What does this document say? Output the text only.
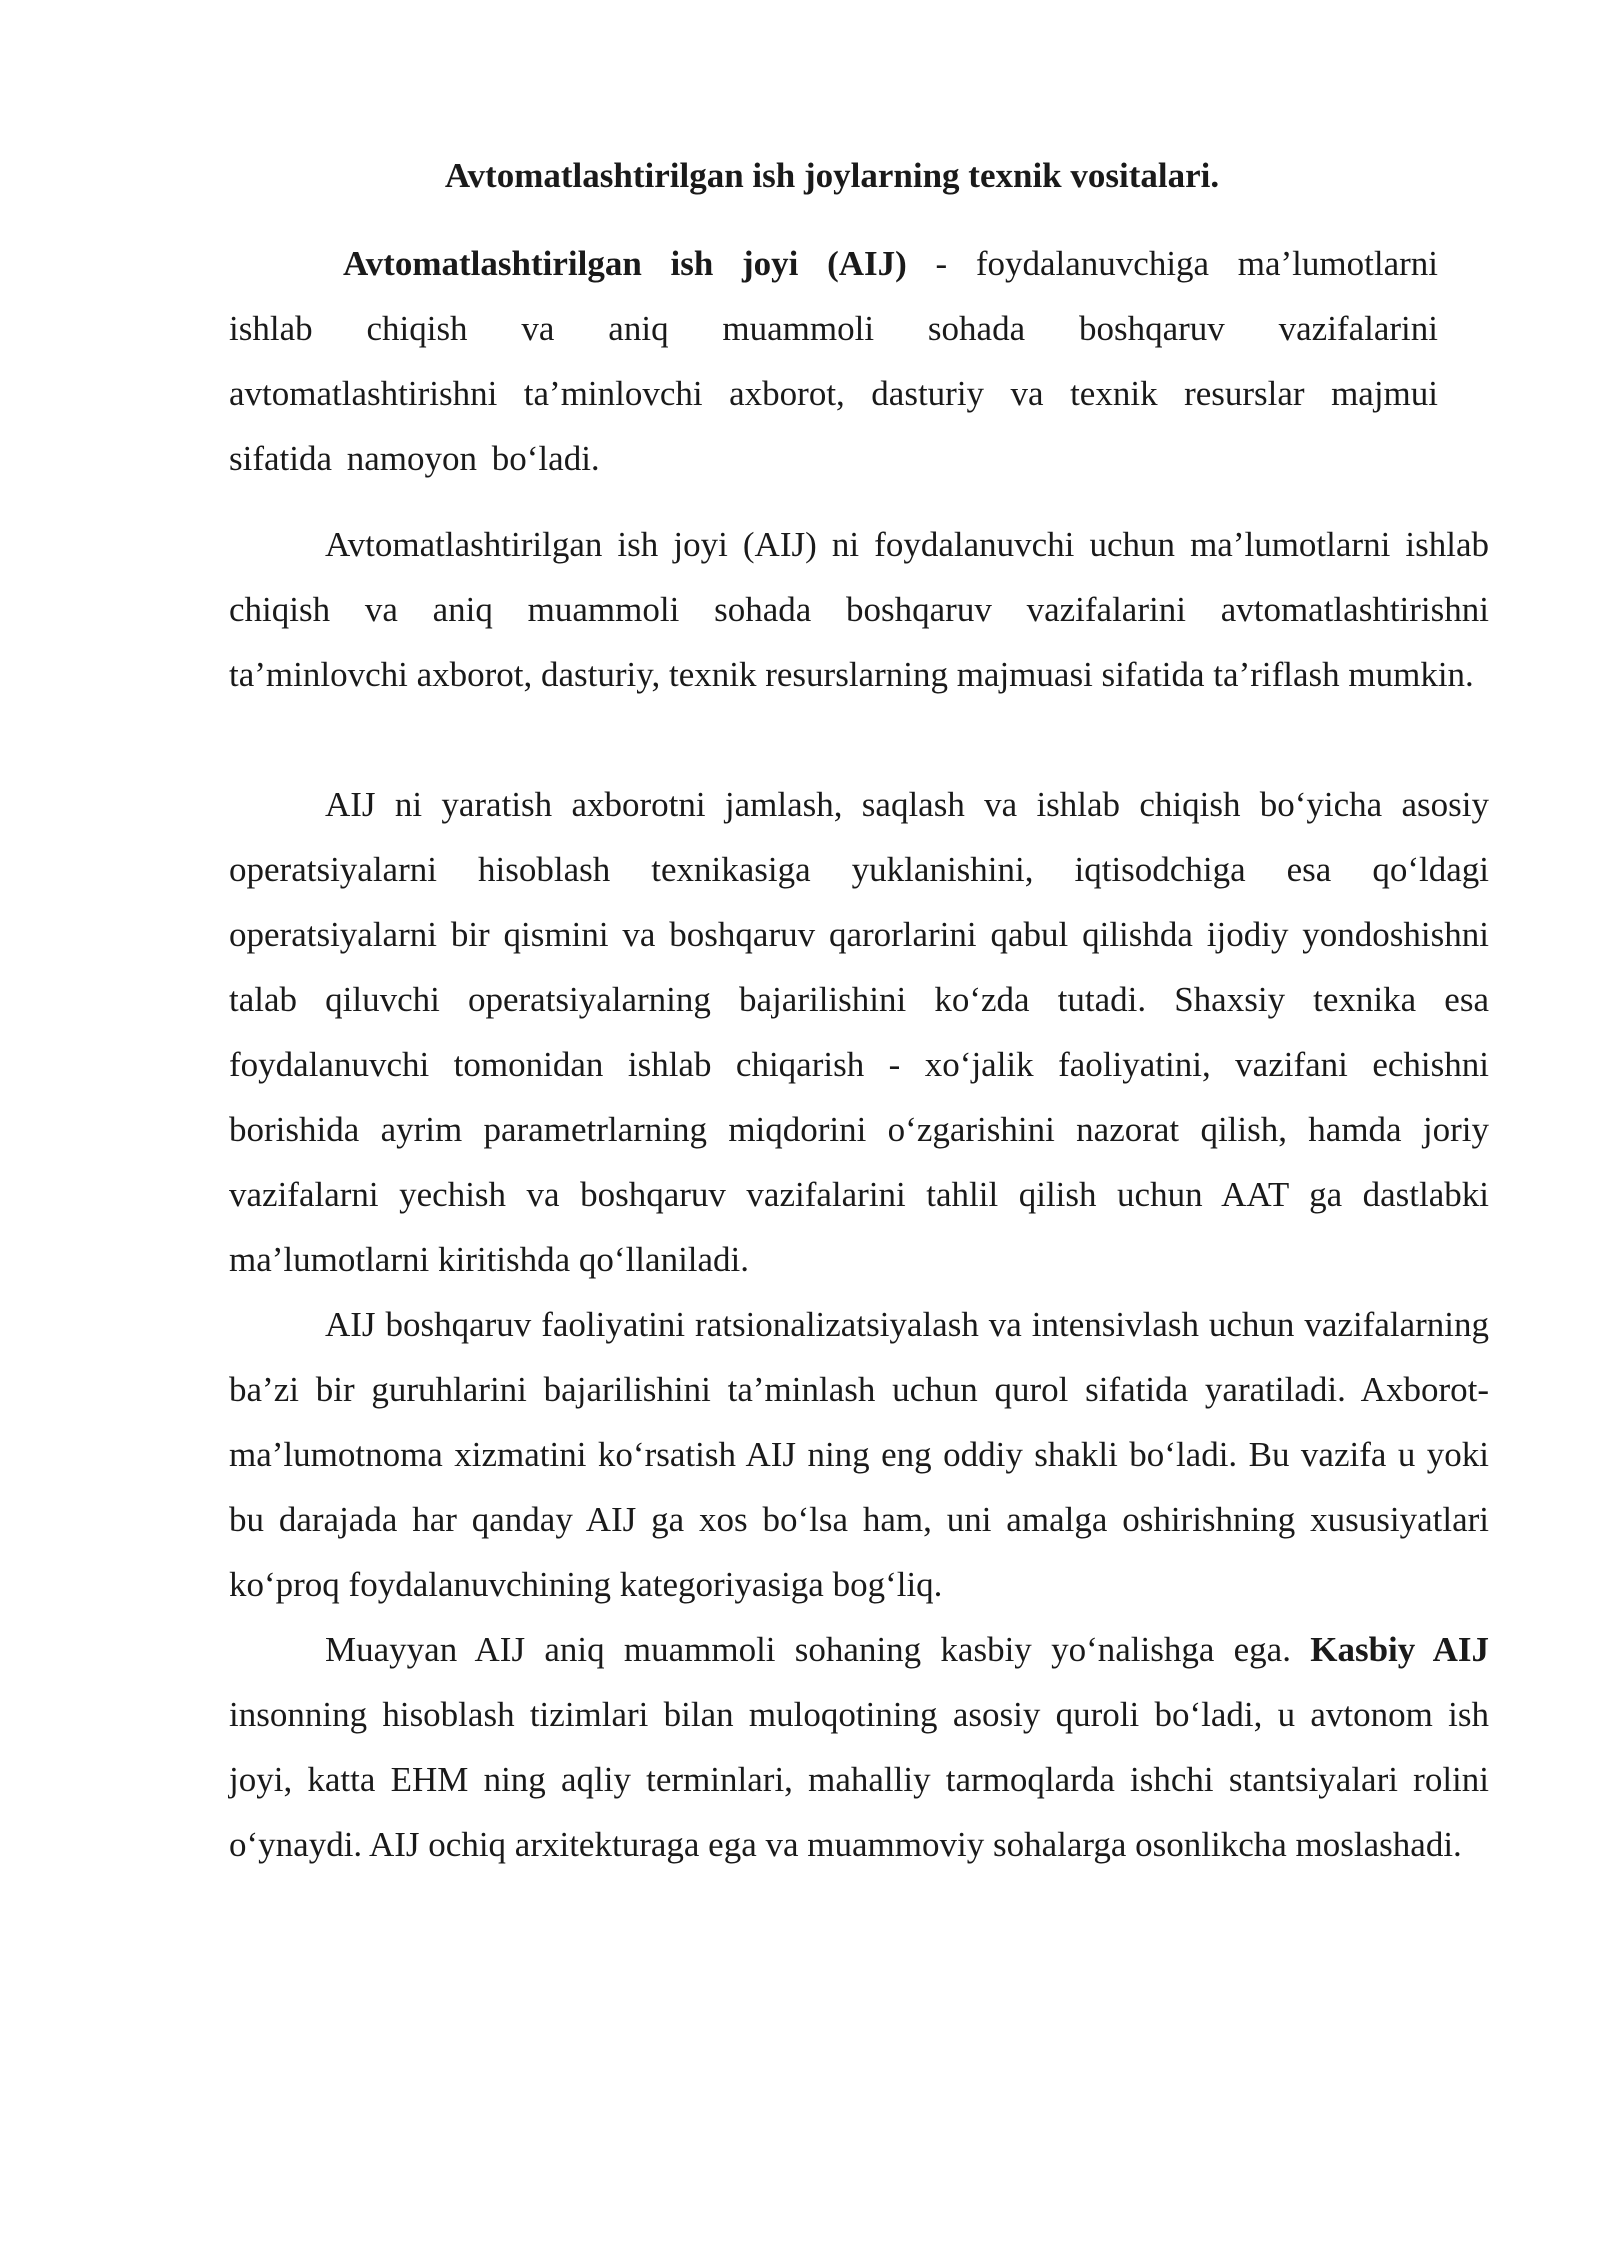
Avtomatlashtirilgan ish joylarning texnik vositalari.

Avtomatlashtirilgan ish joyi (AIJ) - foydalanuvchiga ma’lumotlarni ishlab chiqish va aniq muammoli sohada boshqaruv vazifalarini avtomatlashtirishni ta’minlovchi axborot, dasturiy va texnik resurslar majmui sifatida namoyon bo‘ladi.

Avtomatlashtirilgan ish joyi (AIJ) ni foydalanuvchi uchun ma’lumotlarni ishlab chiqish va aniq muammoli sohada boshqaruv vazifalarini avtomatlashtirishni ta’minlovchi axborot, dasturiy, texnik resurslarning majmuasi sifatida ta’riflash mumkin.

AIJ ni yaratish axborotni jamlash, saqlash va ishlab chiqish bo‘yicha asosiy operatsiyalarni hisoblash texnikasiga yuklanishini, iqtisodchiga esa qo‘ldagi operatsiyalarni bir qismini va boshqaruv qarorlarini qabul qilishda ijodiy yondoshishni talab qiluvchi operatsiyalarning bajarilishini ko‘zda tutadi. Shaxsiy texnika esa foydalanuvchi tomonidan ishlab chiqarish - xo‘jalik faoliyatini, vazifani echishni borishida ayrim parametrlarning miqdorini o‘zgarishini nazorat qilish, hamda joriy vazifalarni yechish va boshqaruv vazifalarini tahlil qilish uchun AAT ga dastlabki ma’lumotlarni kiritishda qo‘llaniladi.

AIJ boshqaruv faoliyatini ratsionalizatsiyalash va intensivlash uchun vazifalarning ba’zi bir guruhlarini bajarilishini ta’minlash uchun qurol sifatida yaratiladi. Axborot-ma’lumotnoma xizmatini ko‘rsatish AIJ ning eng oddiy shakli bo‘ladi. Bu vazifa u yoki bu darajada har qanday AIJ ga xos bo‘lsa ham, uni amalga oshirishning xususiyatlari ko‘proq foydalanuvchining kategoriyasiga bog‘liq.

Muayyan AIJ aniq muammoli sohaning kasbiy yo‘nalishga ega. Kasbiy AIJ insonning hisoblash tizimlari bilan muloqotining asosiy quroli bo‘ladi, u avtonom ish joyi, katta EHM ning aqliy terminlari, mahalliy tarmoqlarda ishchi stantsiyalari rolini o‘ynaydi. AIJ ochiq arxitekturaga ega va muammoviy sohalarga osonlikcha moslashadi.
